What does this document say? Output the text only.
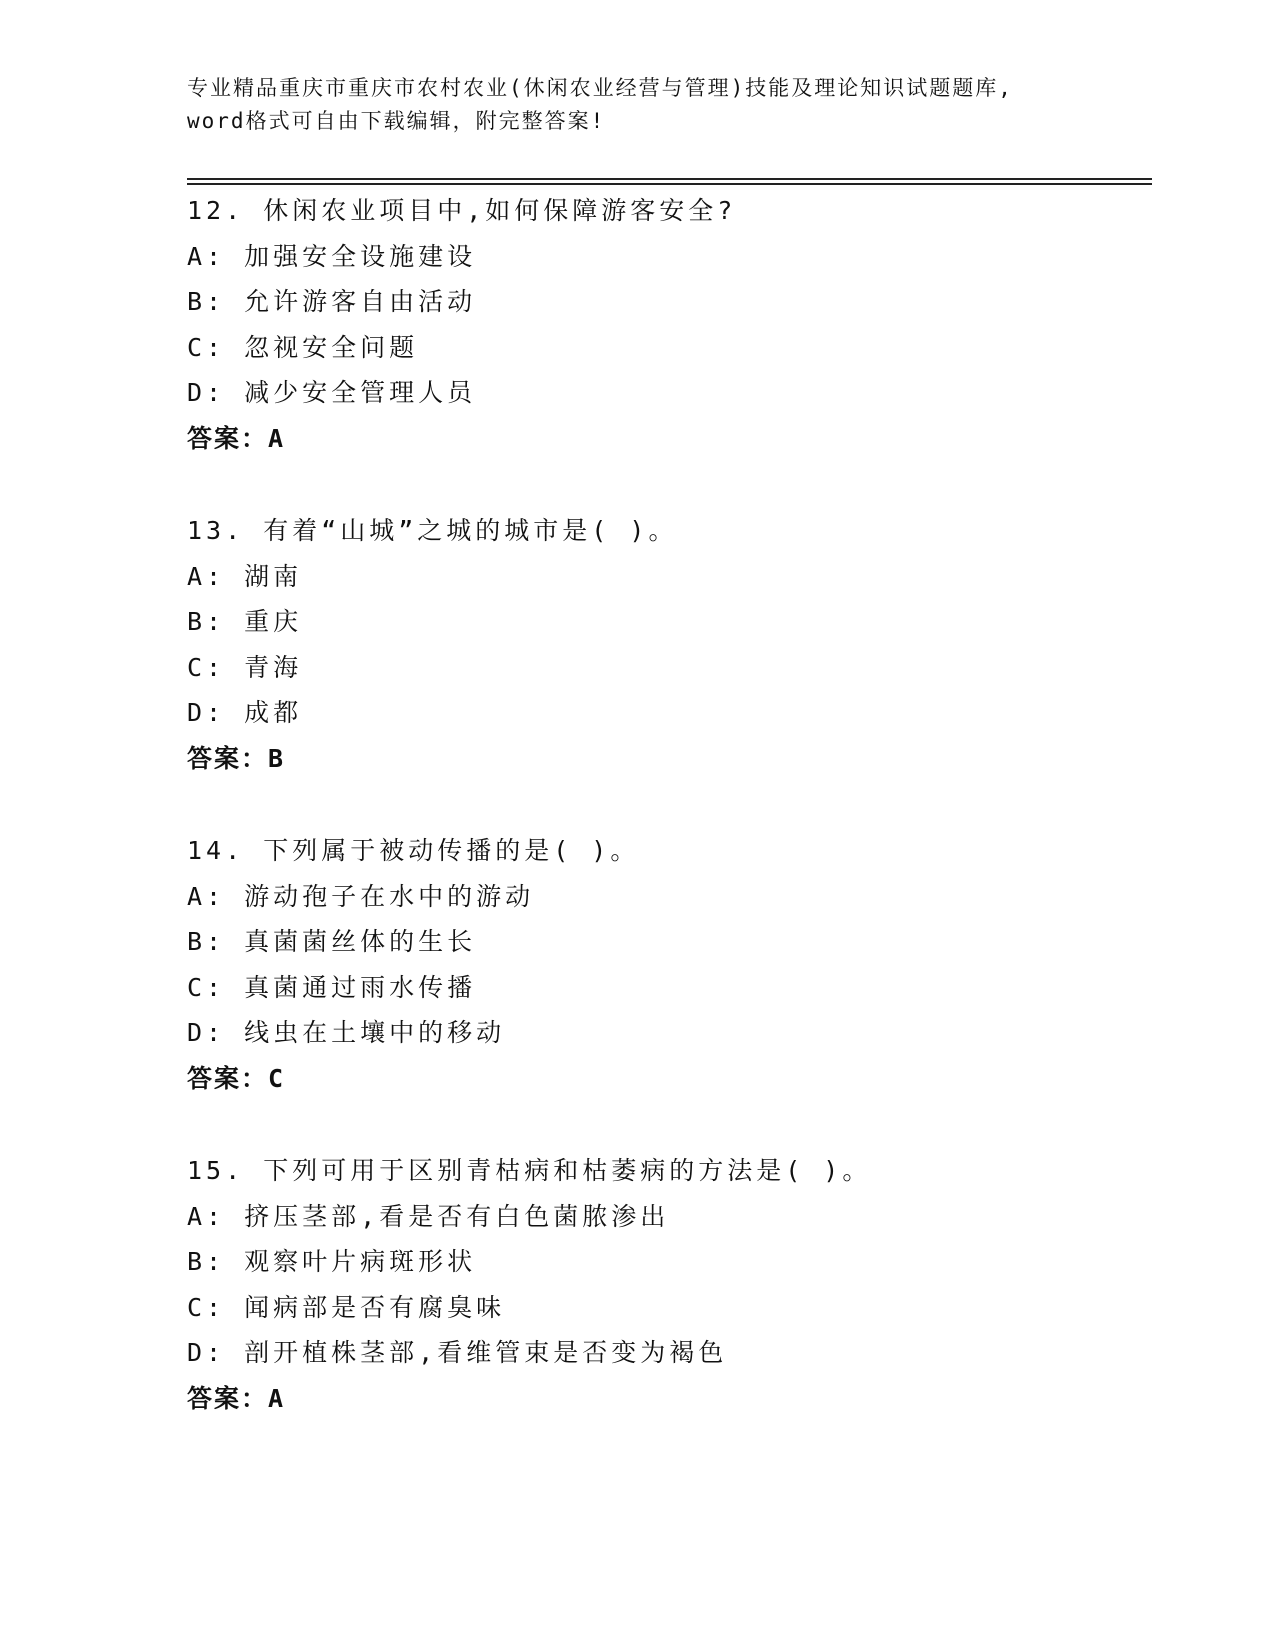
专业精品重庆市重庆市农村农业(休闲农业经营与管理)技能及理论知识试题题库,
word格式可自由下载编辑，附完整答案!
12. 休闲农业项目中,如何保障游客安全?
A: 加强安全设施建设
B: 允许游客自由活动
C: 忽视安全问题
D: 减少安全管理人员
答案：A
13. 有着“山城”之城的城市是( )。
A: 湖南
B: 重庆
C: 青海
D: 成都
答案：B
14. 下列属于被动传播的是( )。
A: 游动孢子在水中的游动
B: 真菌菌丝体的生长
C: 真菌通过雨水传播
D: 线虫在土壤中的移动
答案：C
15. 下列可用于区别青枯病和枯萎病的方法是( )。
A: 挤压茎部,看是否有白色菌脓渗出
B: 观察叶片病斑形状
C: 闻病部是否有腐臭味
D: 剖开植株茎部,看维管束是否变为褐色
答案：A
